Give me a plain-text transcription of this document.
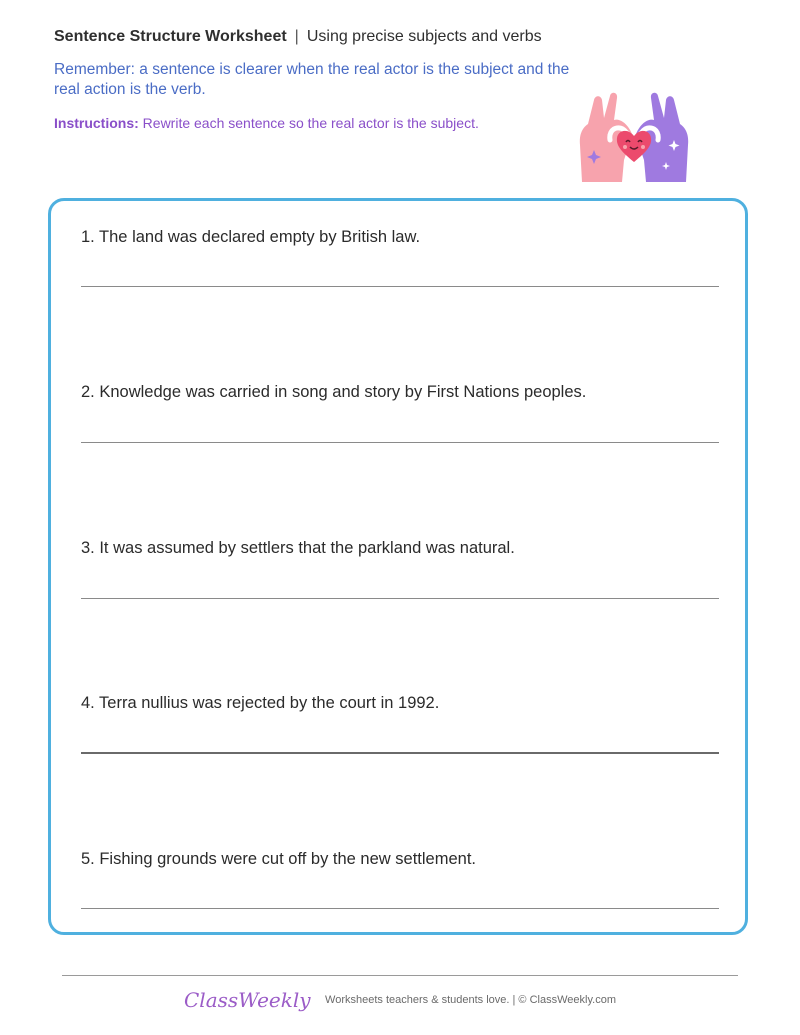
Sentence Structure Worksheet | Using precise subjects and verbs
Remember: a sentence is clearer when the real actor is the subject and the real action is the verb.
Instructions: Rewrite each sentence so the real actor is the subject.
1. The land was declared empty by British law.
2. Knowledge was carried in song and story by First Nations peoples.
3. It was assumed by settlers that the parkland was natural.
4. Terra nullius was rejected by the court in 1992.
5. Fishing grounds were cut off by the new settlement.
ClassWeekly Worksheets teachers & students love. | © ClassWeekly.com
